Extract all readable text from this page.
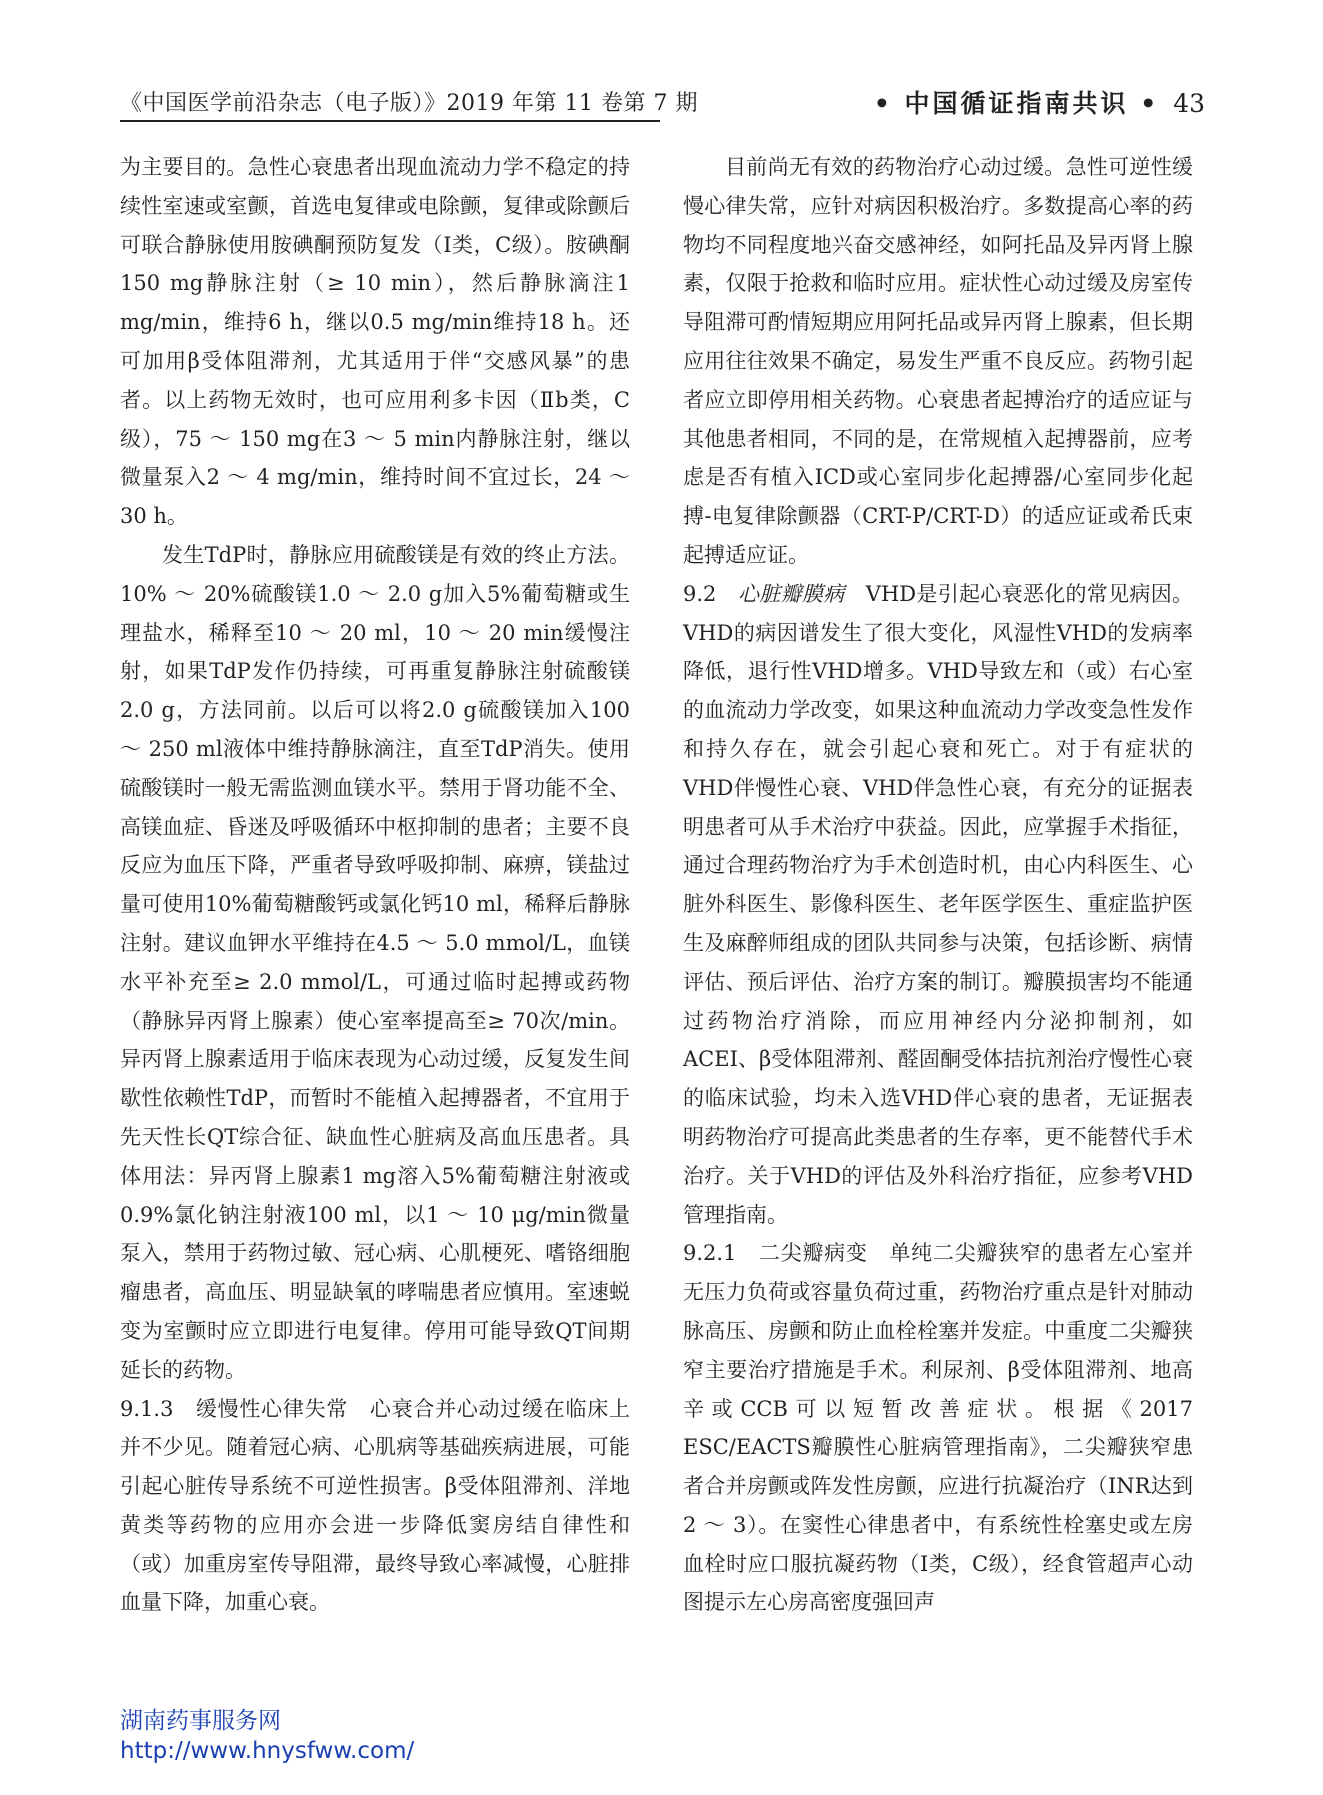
《中国医学前沿杂志（电子版）》2019 年第 11 卷第 7 期	• 中国循证指南共识 • 43

为主要目的。急性心衰患者出现血流动力学不稳定的持续性室速或室颤，首选电复律或电除颤，复律或除颤后可联合静脉使用胺碘酮预防复发（Ⅰ类，C级）。胺碘酮150 mg静脉注射（≥ 10 min），然后静脉滴注1 mg/min，维持6 h，继以0.5 mg/min维持18 h。还可加用β受体阻滞剂，尤其适用于伴“交感风暴”的患者。以上药物无效时，也可应用利多卡因（Ⅱb类，C级），75 ～ 150 mg在3 ～ 5 min内静脉注射，继以微量泵入2 ～ 4 mg/min，维持时间不宜过长，24 ～ 30 h。

发生TdP时，静脉应用硫酸镁是有效的终止方法。10% ～ 20%硫酸镁1.0 ～ 2.0 g加入5%葡萄糖或生理盐水，稀释至10 ～ 20 ml，10 ～ 20 min缓慢注射，如果TdP发作仍持续，可再重复静脉注射硫酸镁2.0 g，方法同前。以后可以将2.0 g硫酸镁加入100 ～ 250 ml液体中维持静脉滴注，直至TdP消失。使用硫酸镁时一般无需监测血镁水平。禁用于肾功能不全、高镁血症、昏迷及呼吸循环中枢抑制的患者；主要不良反应为血压下降，严重者导致呼吸抑制、麻痹，镁盐过量可使用10%葡萄糖酸钙或氯化钙10 ml，稀释后静脉注射。建议血钾水平维持在4.5 ～ 5.0 mmol/L，血镁水平补充至≥ 2.0 mmol/L，可通过临时起搏或药物（静脉异丙肾上腺素）使心室率提高至≥ 70次/min。异丙肾上腺素适用于临床表现为心动过缓，反复发生间歇性依赖性TdP，而暂时不能植入起搏器者，不宜用于先天性长QT综合征、缺血性心脏病及高血压患者。具体用法：异丙肾上腺素1 mg溶入5%葡萄糖注射液或0.9%氯化钠注射液100 ml，以1 ～ 10 μg/min微量泵入，禁用于药物过敏、冠心病、心肌梗死、嗜铬细胞瘤患者，高血压、明显缺氧的哮喘患者应慎用。室速蜕变为室颤时应立即进行电复律。停用可能导致QT间期延长的药物。

9.1.3　缓慢性心律失常　心衰合并心动过缓在临床上并不少见。随着冠心病、心肌病等基础疾病进展，可能引起心脏传导系统不可逆性损害。β受体阻滞剂、洋地黄类等药物的应用亦会进一步降低窦房结自律性和（或）加重房室传导阻滞，最终导致心率减慢，心脏排血量下降，加重心衰。

目前尚无有效的药物治疗心动过缓。急性可逆性缓慢心律失常，应针对病因积极治疗。多数提高心率的药物均不同程度地兴奋交感神经，如阿托品及异丙肾上腺素，仅限于抢救和临时应用。症状性心动过缓及房室传导阻滞可酌情短期应用阿托品或异丙肾上腺素，但长期应用往往效果不确定，易发生严重不良反应。药物引起者应立即停用相关药物。心衰患者起搏治疗的适应证与其他患者相同，不同的是，在常规植入起搏器前，应考虑是否有植入ICD或心室同步化起搏器/心室同步化起搏-电复律除颤器（CRT-P/CRT-D）的适应证或希氏束起搏适应证。

9.2　心脏瓣膜病　VHD是引起心衰恶化的常见病因。VHD的病因谱发生了很大变化，风湿性VHD的发病率降低，退行性VHD增多。VHD导致左和（或）右心室的血流动力学改变，如果这种血流动力学改变急性发作和持久存在，就会引起心衰和死亡。对于有症状的VHD伴慢性心衰、VHD伴急性心衰，有充分的证据表明患者可从手术治疗中获益。因此，应掌握手术指征，通过合理药物治疗为手术创造时机，由心内科医生、心脏外科医生、影像科医生、老年医学医生、重症监护医生及麻醉师组成的团队共同参与决策，包括诊断、病情评估、预后评估、治疗方案的制订。瓣膜损害均不能通过药物治疗消除，而应用神经内分泌抑制剂，如ACEI、β受体阻滞剂、醛固酮受体拮抗剂治疗慢性心衰的临床试验，均未入选VHD伴心衰的患者，无证据表明药物治疗可提高此类患者的生存率，更不能替代手术治疗。关于VHD的评估及外科治疗指征，应参考VHD管理指南。

9.2.1　二尖瓣病变　单纯二尖瓣狭窄的患者左心室并无压力负荷或容量负荷过重，药物治疗重点是针对肺动脉高压、房颤和防止血栓栓塞并发症。中重度二尖瓣狭窄主要治疗措施是手术。利尿剂、β受体阻滞剂、地高辛或CCB可以短暂改善症状。根据《2017 ESC/EACTS瓣膜性心脏病管理指南》，二尖瓣狭窄患者合并房颤或阵发性房颤，应进行抗凝治疗（INR达到2 ～ 3）。在窦性心律患者中，有系统性栓塞史或左房血栓时应口服抗凝药物（Ⅰ类，C级），经食管超声心动图提示左心房高密度强回声

湖南药事服务网
http://www.hnysfww.com/
